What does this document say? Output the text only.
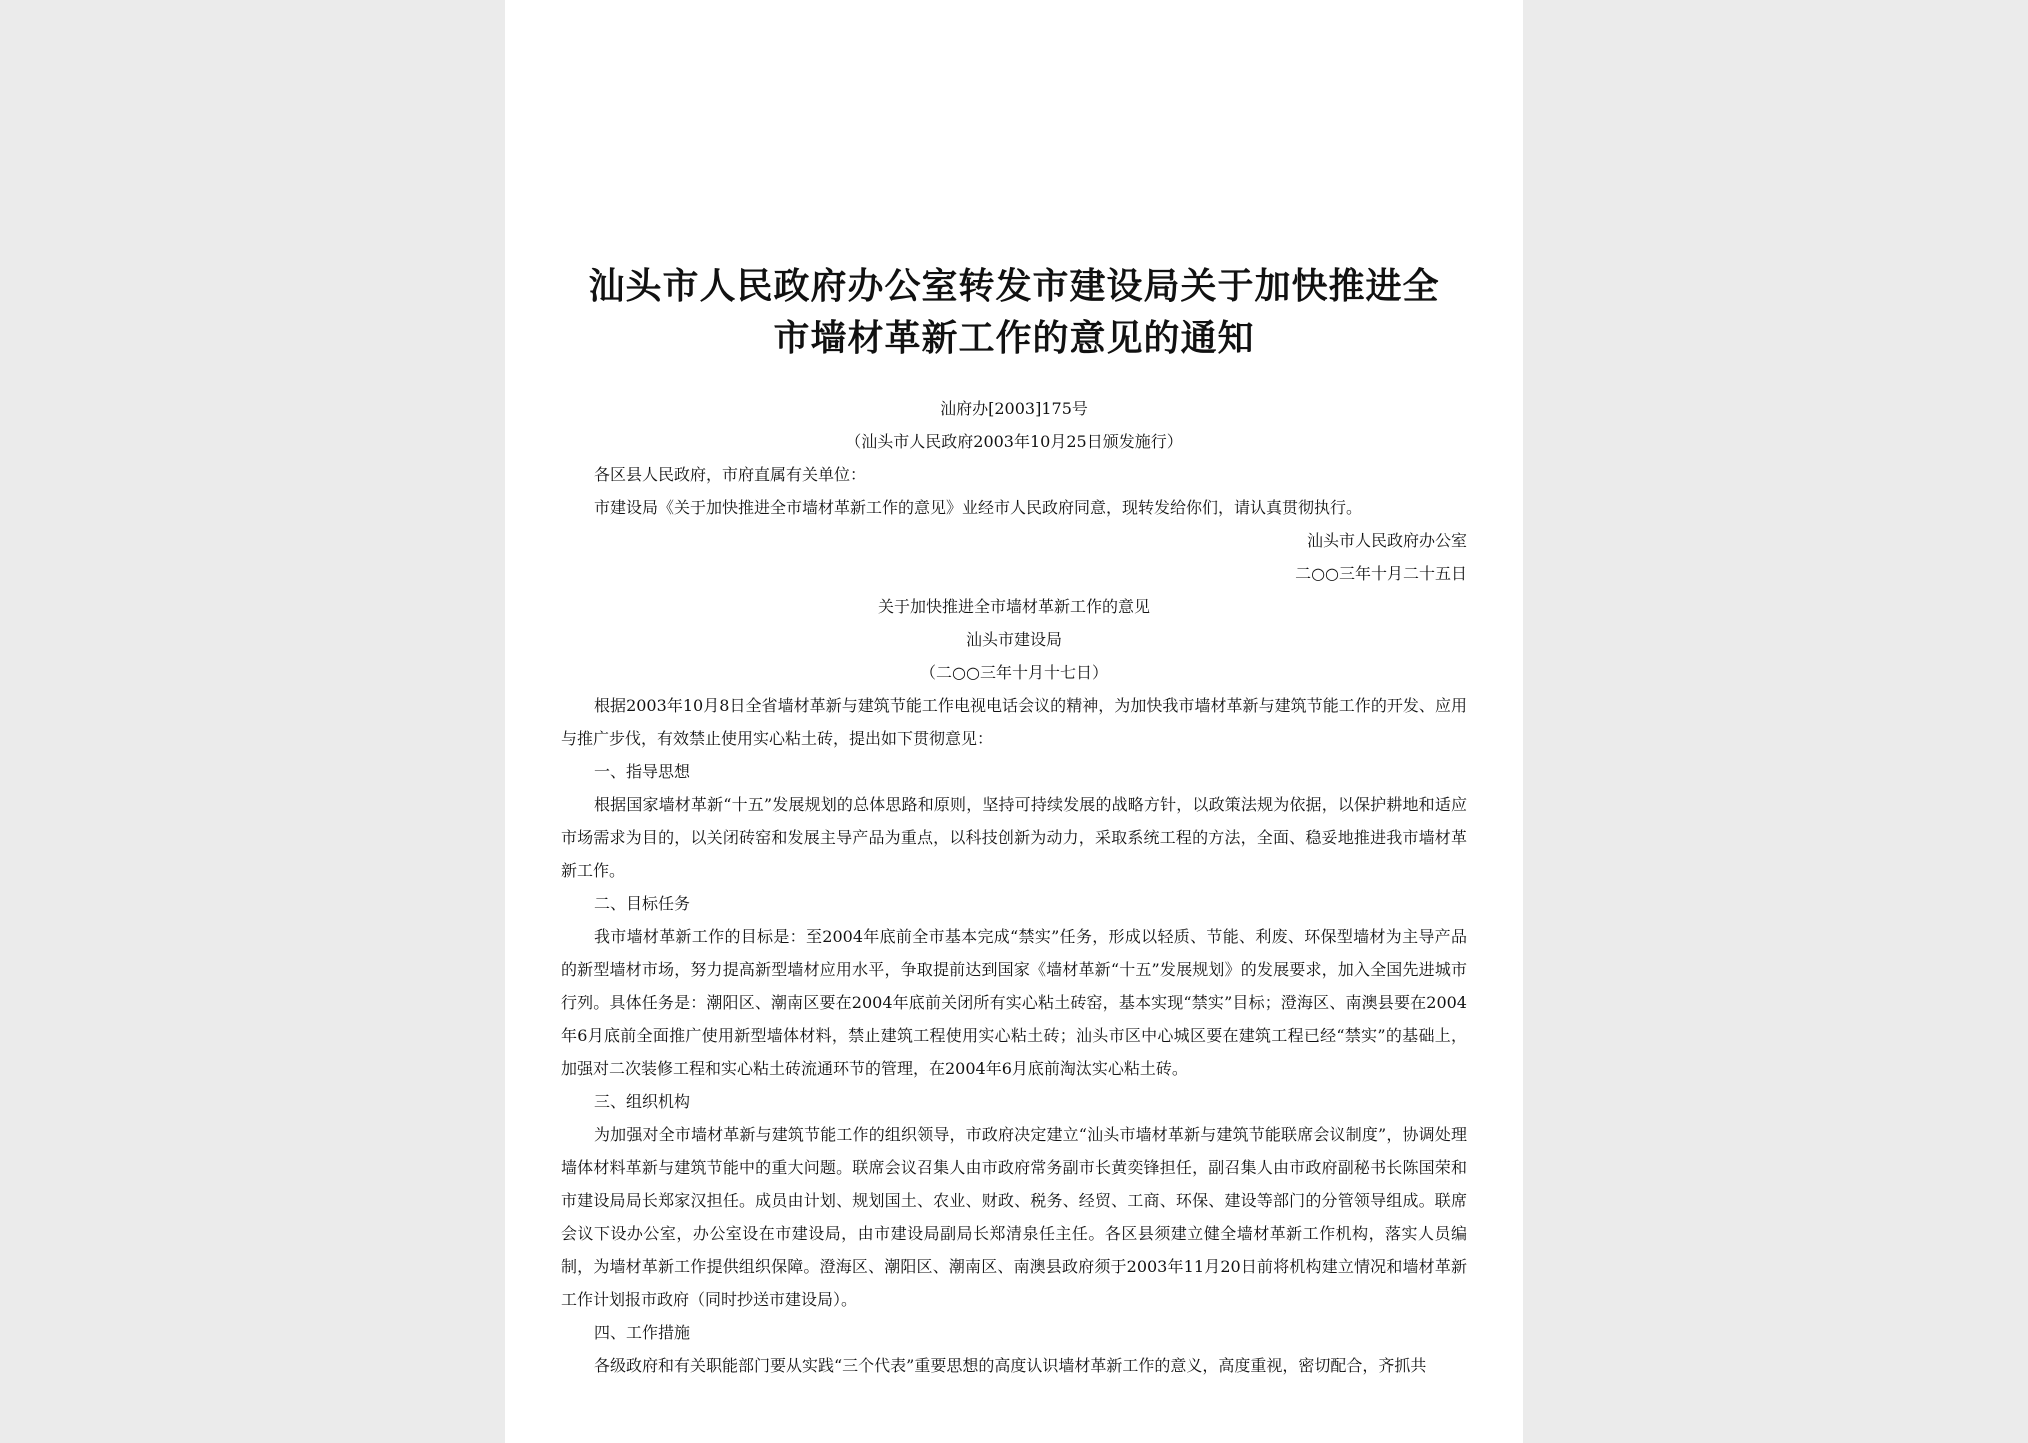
汕头市人民政府办公室转发市建设局关于加快推进全
市墙材革新工作的意见的通知
汕府办[2003]175号
（汕头市人民政府2003年10月25日颁发施行）

各区县人民政府，市府直属有关单位：

市建设局《关于加快推进全市墙材革新工作的意见》业经市人民政府同意，现转发给你们，请认真贯彻执行。

汕头市人民政府办公室

二○○三年十月二十五日

关于加快推进全市墙材革新工作的意见

汕头市建设局

（二○○三年十月十七日）

根据2003年10月8日全省墙材革新与建筑节能工作电视电话会议的精神，为加快我市墙材革新与建筑节能工作的开发、应用与推广步伐，有效禁止使用实心粘土砖，提出如下贯彻意见：

一、指导思想

根据国家墙材革新“十五”发展规划的总体思路和原则，坚持可持续发展的战略方针，以政策法规为依据，以保护耕地和适应市场需求为目的，以关闭砖窑和发展主导产品为重点，以科技创新为动力，采取系统工程的方法，全面、稳妥地推进我市墙材革新工作。

二、目标任务

我市墙材革新工作的目标是：至2004年底前全市基本完成“禁实”任务，形成以轻质、节能、利废、环保型墙材为主导产品的新型墙材市场，努力提高新型墙材应用水平，争取提前达到国家《墙材革新“十五”发展规划》的发展要求，加入全国先进城市行列。具体任务是：潮阳区、潮南区要在2004年底前关闭所有实心粘土砖窑，基本实现“禁实”目标；澄海区、南澳县要在2004年6月底前全面推广使用新型墙体材料，禁止建筑工程使用实心粘土砖；汕头市区中心城区要在建筑工程已经“禁实”的基础上，加强对二次装修工程和实心粘土砖流通环节的管理，在2004年6月底前淘汰实心粘土砖。

三、组织机构

为加强对全市墙材革新与建筑节能工作的组织领导，市政府决定建立“汕头市墙材革新与建筑节能联席会议制度”，协调处理墙体材料革新与建筑节能中的重大问题。联席会议召集人由市政府常务副市长黄奕锋担任，副召集人由市政府副秘书长陈国荣和市建设局局长郑家汉担任。成员由计划、规划国土、农业、财政、税务、经贸、工商、环保、建设等部门的分管领导组成。联席会议下设办公室，办公室设在市建设局，由市建设局副局长郑清泉任主任。各区县须建立健全墙材革新工作机构，落实人员编制，为墙材革新工作提供组织保障。澄海区、潮阳区、潮南区、南澳县政府须于2003年11月20日前将机构建立情况和墙材革新工作计划报市政府（同时抄送市建设局）。

四、工作措施

各级政府和有关职能部门要从实践“三个代表”重要思想的高度认识墙材革新工作的意义，高度重视，密切配合，齐抓共
